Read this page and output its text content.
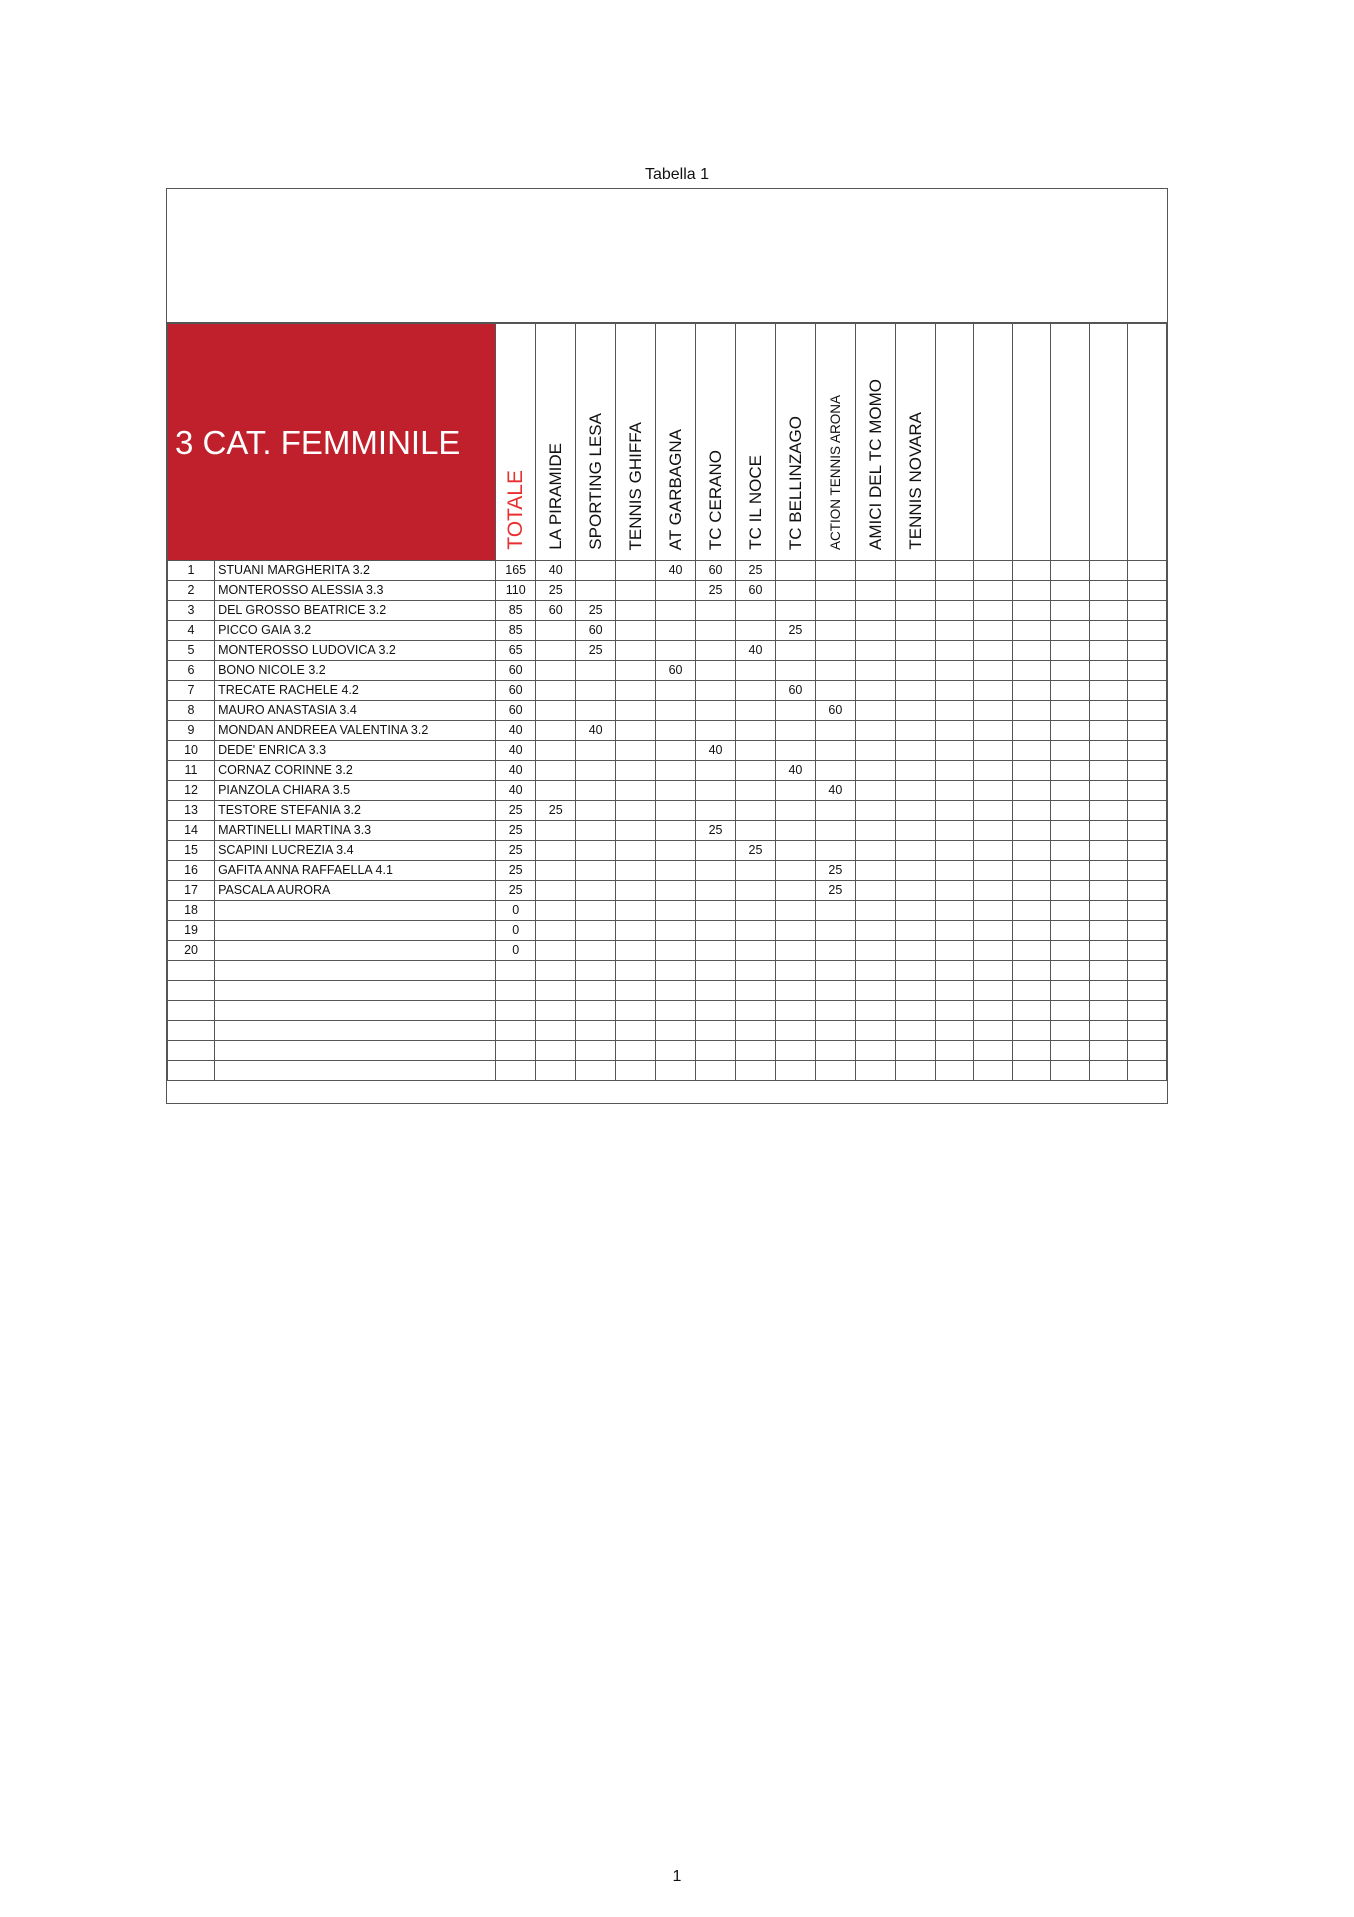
Tabella 1
3 CAT. FEMMINILE		TOTALE	LA PIRAMIDE	SPORTING LESA	TENNIS GHIFFA	AT GARBAGNA	TC CERANO	TC IL NOCE	TC BELLINZAGO	ACTION TENNIS ARONA	AMICI DEL TC MOMO	TENNIS NOVARA						

1	STUANI MARGHERITA 3.2	165	40			40	60	25										
2	MONTEROSSO ALESSIA 3.3	110	25				25	60										
3	DEL GROSSO BEATRICE 3.2	85	60	25														
4	PICCO GAIA 3.2	85		60					25									
5	MONTEROSSO LUDOVICA 3.2	65		25				40										
6	BONO NICOLE 3.2	60				60												
7	TRECATE RACHELE 4.2	60							60									
8	MAURO ANASTASIA 3.4	60								60								
9	MONDAN ANDREEA VALENTINA 3.2	40		40														
10	DEDE' ENRICA 3.3	40					40											
11	CORNAZ CORINNE 3.2	40							40									
12	PIANZOLA CHIARA 3.5	40								40								
13	TESTORE STEFANIA 3.2	25	25															
14	MARTINELLI MARTINA 3.3	25					25											
15	SCAPINI LUCREZIA 3.4	25						25										
16	GAFITA ANNA RAFFAELLA 4.1	25								25								
17	PASCALA AURORA	25								25								
18		0																
19		0																
20		0																

1
